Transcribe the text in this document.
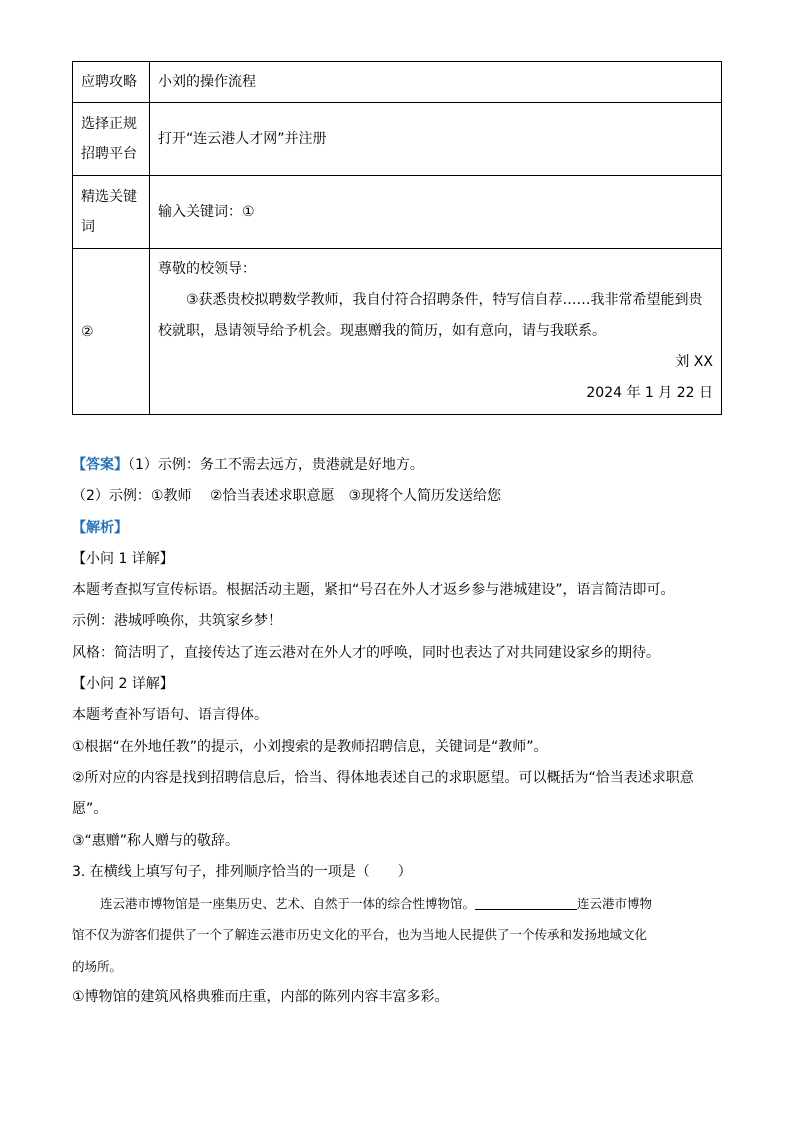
应聘攻略	小刘的操作流程

选择正规
招聘平台	打开“连云港人才网”并注册

精选关键
词	输入关键词：①
②	尊敬的校领导：
③获悉贵校拟聘数学教师，我自付符合招聘条件，特写信自荐……我非常希望能到贵
校就职，恳请领导给予机会。现惠赠我的简历，如有意向，请与我联系。
刘 XX
2024 年 1 月 22 日
【答案】（1）示例：务工不需去远方，贵港就是好地方。
（2）示例：①教师　 ②恰当表述求职意愿　③现将个人简历发送给您
【解析】
【小问 1 详解】
本题考查拟写宣传标语。根据活动主题，紧扣“号召在外人才返乡参与港城建设”，语言简洁即可。
示例：港城呼唤你，共筑家乡梦！
风格：简洁明了，直接传达了连云港对在外人才的呼唤，同时也表达了对共同建设家乡的期待。
【小问 2 详解】
本题考查补写语句、语言得体。
①根据“在外地任教”的提示，小刘搜索的是教师招聘信息，关键词是“教师”。
②所对应的内容是找到招聘信息后，恰当、得体地表述自己的求职愿望。可以概括为“恰当表述求职意
愿”。
③“惠赠”称人赠与的敬辞。
3. 在横线上填写句子，排列顺序恰当的一项是（　　）
连云港市博物馆是一座集历史、艺术、自然于一体的综合性博物馆。	连云港市博物
馆不仅为游客们提供了一个了解连云港市历史文化的平台，也为当地人民提供了一个传承和发扬地域文化
的场所。
①博物馆的建筑风格典雅而庄重，内部的陈列内容丰富多彩。
